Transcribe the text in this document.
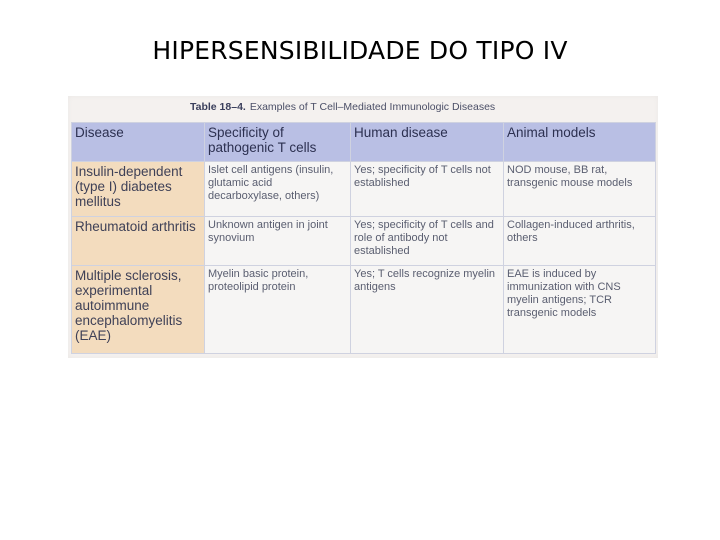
HIPERSENSIBILIDADE DO TIPO IV
Table 18–4. Examples of T Cell–Mediated Immunologic Diseases
Disease	Specificity of pathogenic T cells	Human disease	Animal models
Insulin-dependent (type I) diabetes mellitus	Islet cell antigens (insulin, glutamic acid decarboxylase, others)	Yes; specificity of T cells not established	NOD mouse, BB rat, transgenic mouse models
Rheumatoid arthritis	Unknown antigen in joint synovium	Yes; specificity of T cells and role of antibody not established	Collagen-induced arthritis, others
Multiple sclerosis, experimental autoimmune encephalomyelitis (EAE)	Myelin basic protein, proteolipid protein	Yes; T cells recognize myelin antigens	EAE is induced by immunization with CNS myelin antigens; TCR transgenic models
